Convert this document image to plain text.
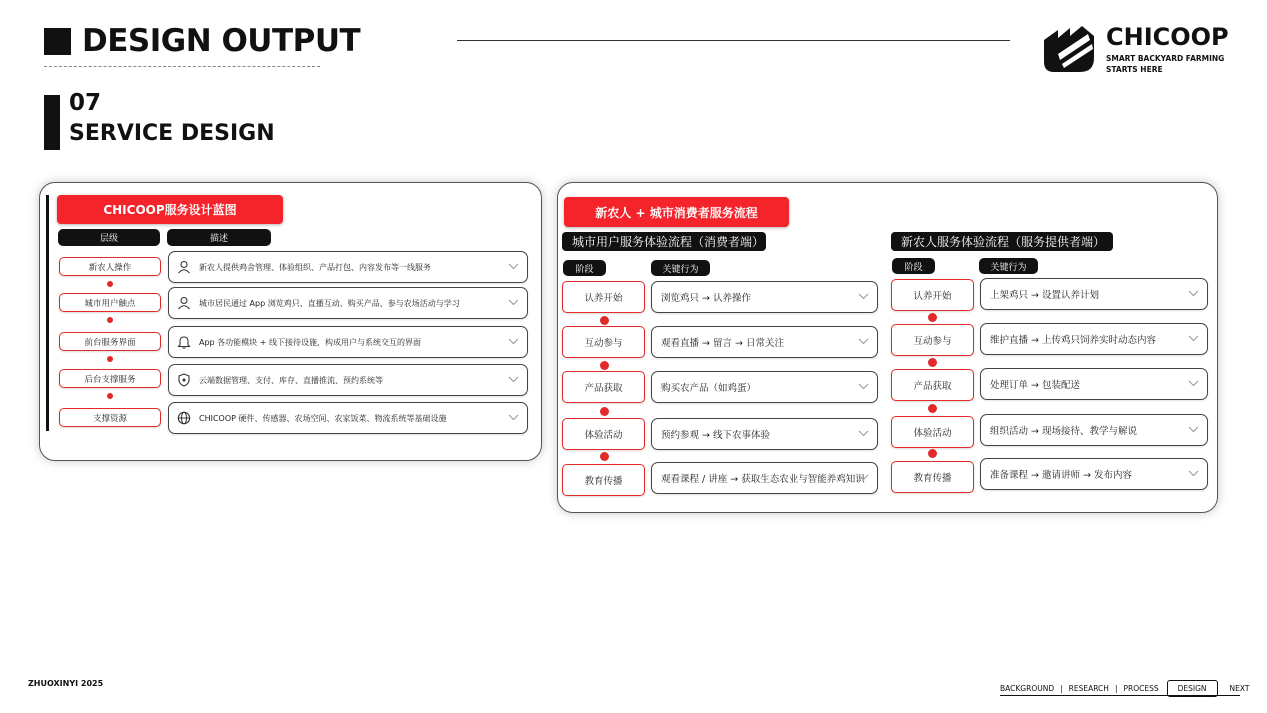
DESIGN OUTPUT	CHICOOP
SMART BACKYARD FARMING
STARTS HERE
07
SERVICE DESIGN
CHICOOP服务设计蓝图
层级	描述
新农人操作	新农人提供鸡舍管理、体验组织、产品打包、内容发布等一线服务
城市用户触点	城市居民通过 App 浏览鸡只、直播互动、购买产品、参与农场活动与学习
前台服务界面	App 各功能模块 + 线下接待设施，构成用户与系统交互的界面
后台支撑服务	云端数据管理、支付、库存、直播推流、预约系统等
支撑资源	CHICOOP 硬件、传感器、农场空间、农家饭菜、物流系统等基础设施
新农人 + 城市消费者服务流程
城市用户服务体验流程（消费者端）
阶段	关键行为
认养开始	浏览鸡只 → 认养操作
互动参与	观看直播 → 留言 → 日常关注
产品获取	购买农产品（如鸡蛋）
体验活动	预约参观 → 线下农事体验
教育传播	观看课程 / 讲座 → 获取生态农业与智能养鸡知识
新农人服务体验流程（服务提供者端）
阶段	关键行为
认养开始	上架鸡只 → 设置认养计划
互动参与	维护直播 → 上传鸡只饲养实时动态内容
产品获取	处理订单 → 包装配送
体验活动	组织活动 → 现场接待、教学与解说
教育传播	准备课程 → 邀请讲师 → 发布内容
ZHUOXINYI 2025
BACKGROUND | RESEARCH | PROCESS	DESIGN	NEXT
